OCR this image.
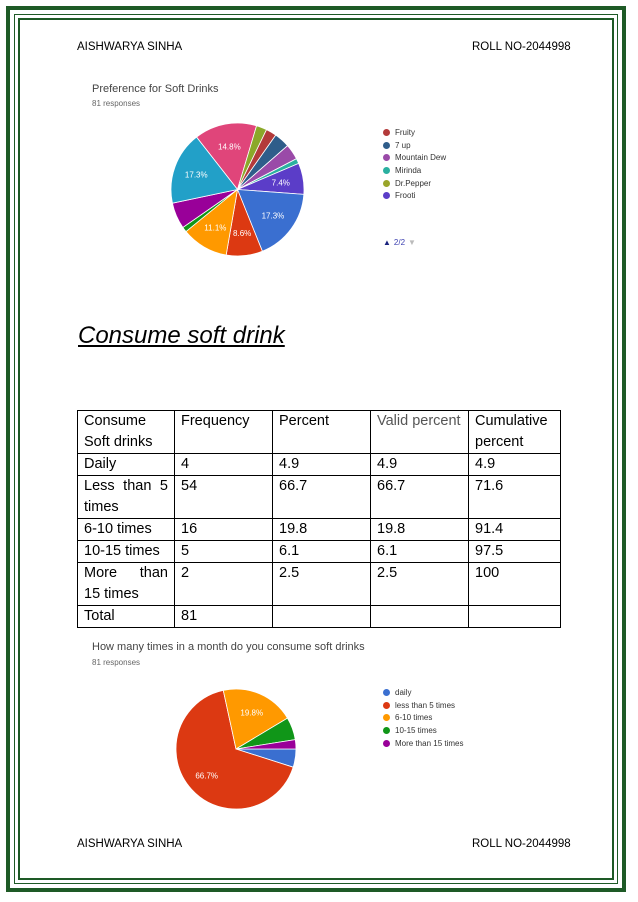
AISHWARYA SINHA	ROLL NO-2044998
Preference for Soft Drinks
81 responses
14.8%
7.4%
17.3%
8.6%
11.1%
17.3%
Fruity
7 up
Mountain Dew
Mirinda
Dr.Pepper
Frooti
▲ 2/2 ▼
Consume soft drink
Consume Soft drinks	Frequency	Percent	Valid percent	Cumulative percent
Daily	4	4.9	4.9	4.9
Less than 5 times	54	66.7	66.7	71.6
6-10 times	16	19.8	19.8	91.4
10-15 times	5	6.1	6.1	97.5
More than 15 times	2	2.5	2.5	100
Total	81			
How many times in a month do you consume soft drinks
81 responses
66.7%
19.8%
daily
less than 5 times
6-10 times
10-15 times
More than 15 times
AISHWARYA SINHA	ROLL NO-2044998
